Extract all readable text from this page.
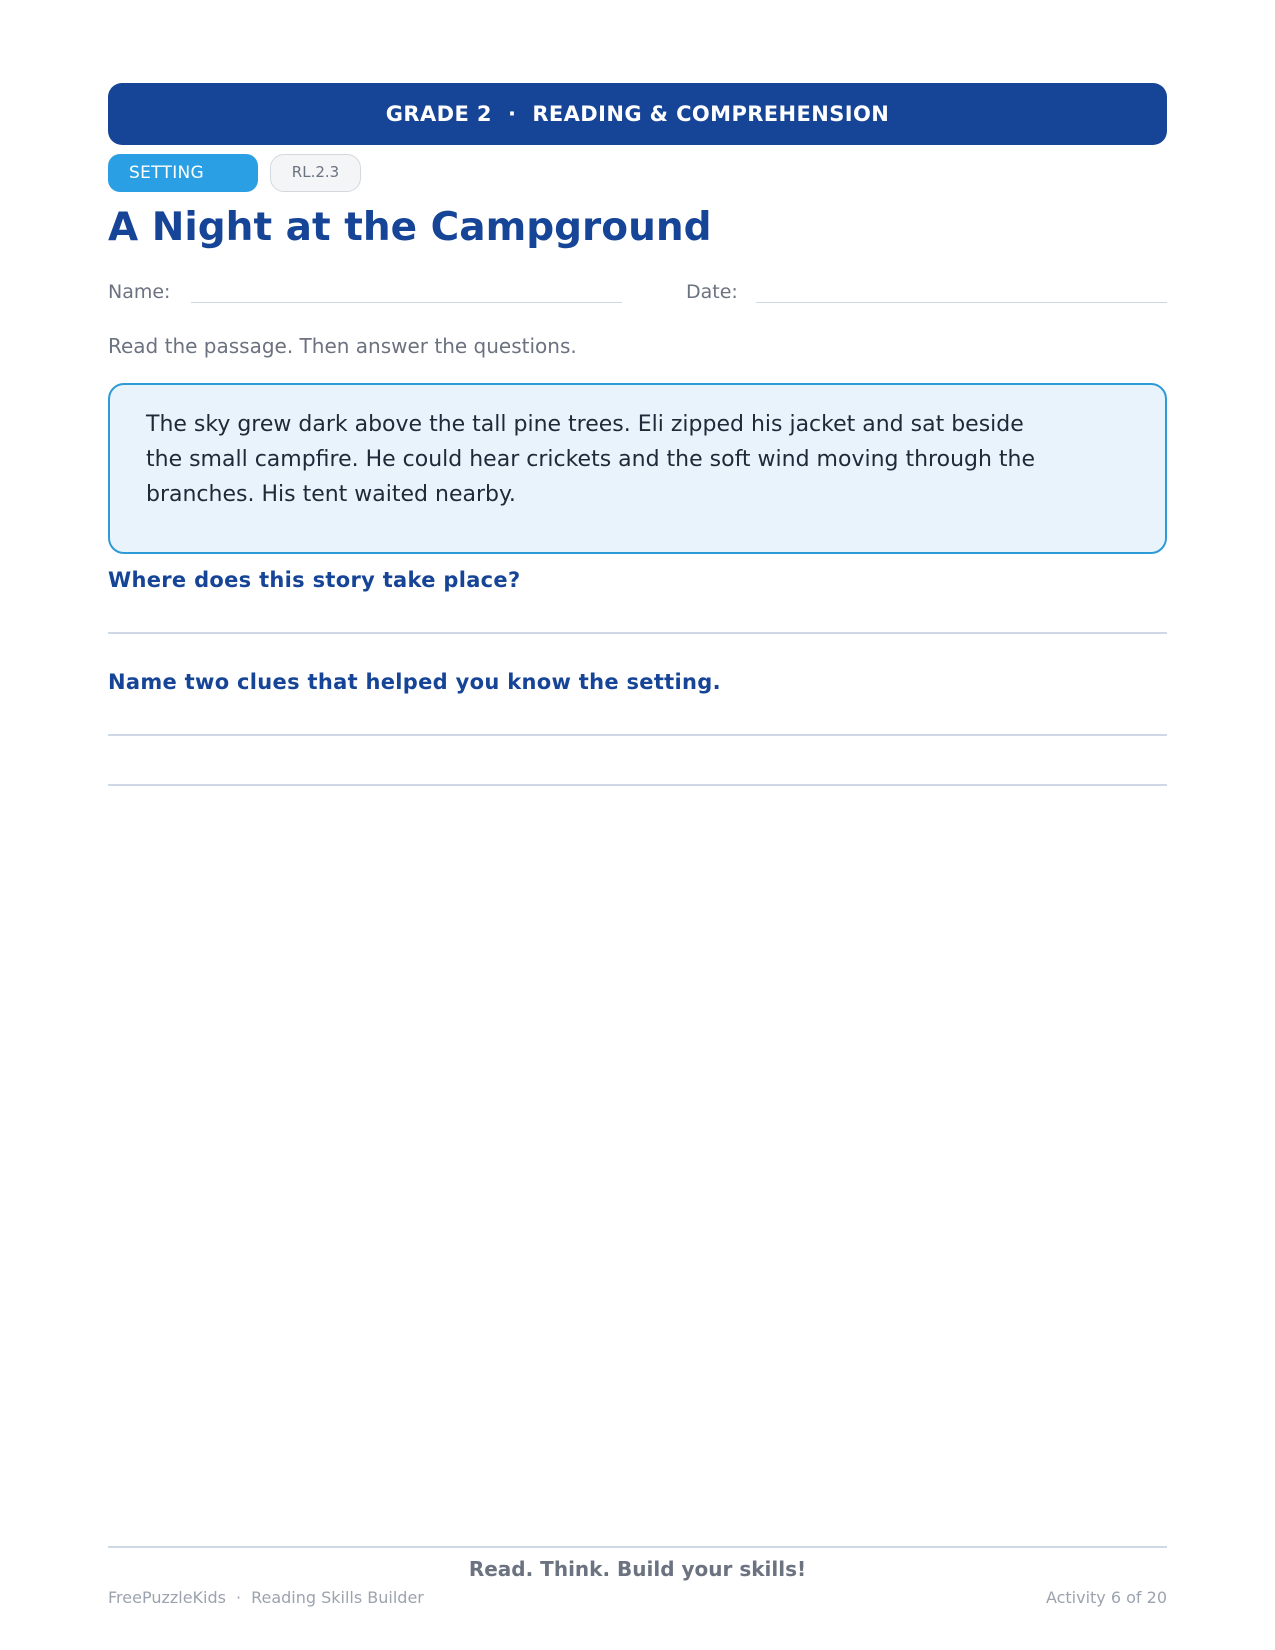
GRADE 2 · READING & COMPREHENSION
SETTING	RL.2.3
A Night at the Campground
Name:	Date:
Read the passage. Then answer the questions.
The sky grew dark above the tall pine trees. Eli zipped his jacket and sat beside
the small campfire. He could hear crickets and the soft wind moving through the
branches. His tent waited nearby.
Where does this story take place?
Name two clues that helped you know the setting.
Read. Think. Build your skills!
FreePuzzleKids · Reading Skills Builder	Activity 6 of 20
